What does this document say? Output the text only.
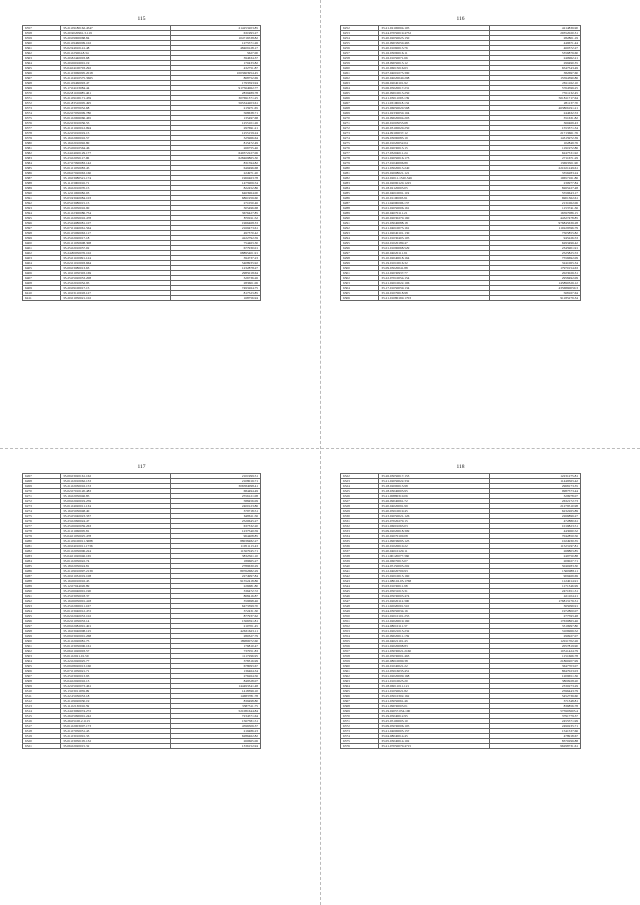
115
6357	35.21.09180162.4547	214253203.85
6358	35.20.9020961.3.119	631993.27
6359	35.20.09900068.84	104716538.82
6360	35.01.09460009.102	1275571.26
6361	35.02.94910141.48	48409128.17
6362	35.01.025004.8.34	5627.00
6363	35.20.82440003.68	394634.37
6364	35.20.06016001.19	170433.82
6365	35.04.04100703.292	432751.87
6366	35.21.03060095.2018	1003663954.45
6367	35.21.04010575.3665	868752.69
6368	35.01.09460093.47	1793593.94
6369	35.17.04103084.44	917564062.77
6370	35.02.81106085.461	2839489.78
6371	35.21.09100171.459	307691371.25
6372	35.01.83510005.495	565344203.61
6373	35.01.03970052.68	215971.65
6374	35.02.07050009.780	568638.71
6375	35.01.02006066.465	135497.68
6376	35.02.03010056.55	1255101.26
6377	35.21.01020012.994	297691.21
6378	35.22.05010019.15	1255159.24
6379	35.16.02000016.57	325966.64
6380	35.16.02010092.80	815472.49
6381	35.25.06010564.46	266755.46
6382	35.24.04020129.177	649372227.06
6383	35.23.02050117.96	628469865.30
6384	35.27.07090083.142	831594.82
6385	35.01.01050083.45	649496.68
6386	35.06.07020063.160	224971.20
6387	35.19.03080521.174	1960463.78
6388	35.11.03000016.71	1475906.54
6389	35.16.02010070.15	822452.86
6390	35.12.01000082.03	6463964.00
6391	35.03.93040084.103	6861956.60
6392	35.05.03080015.15	271050.46
6393	35.01.02050016.90	305496.68
6394	35.21.02300086.754	3676427.85
6395	35.01.02050016.478	870911.52
6396	35.25.04080081.107	1966468.33
6397	35.07.01040061.564	2169473.61
6398	35.01.05060063.117	497370.42
6399	35.25.02020017.18	4222792.59
6400	35.01.01030608.308	754463.30
6401	35.25.02010057.02	677930.01
6402	35.24.80050076.102	68895401.91
6403	35.25.01100091.124	394737.23
6404	35.02.01010003.664	5408935.92
6405	35.09.03080013.63	1232878.27
6406	35.10.01050303.169	2985018.64
6407	35.25.05020053.208	326736.26
6408	35.25.02010052.95	283601.06
6409	35.20.09100017.15	7493264.75
6410	35.10.03110018.127	817523.85
6411	35.20.01050021.102	168756.94
116
6252	35.21.02100004.105	4214836.90
6253	35.24.07050019.4752	29352020.31
6254	35.20.02050023.150	282801.19
6255	35.10.09033050.465	449671.44
6256	35.20.01060013.76	460372.27
6257	35.16.03090016.11	5356876.60
6258	35.16.01050071.66	240962.21
6259	35.18.09050013.12	299490.35
6260	35.10.06015016.63	6547543.49
6261	35.07.04001073.390	382697.60
6262	35.20.04020040.298	15594390.86
6263	35.06.02040101.92	2811162.10
6264	35.06.05020017.231	5764596.25
6265	35.20.09010013.250	7351132.45
6266	35.21.03011003.139	501811717.64
6267	35.11.03190018.132	281137.70
6268	35.25.06050020.568	463806191.21
6269	35.01.02330050.104	244632.53
6270	35.16.09020004.203	351631.82
6271	35.20.91003053.68	360469.43
6272	35.20.03100020.250	1553371.34
6273	35.24.09100037.12	21713661.76
6274	35.09.03090083.19	14315972.39
6275	35.20.01020052.04	102849.76
6276	35.20.02030013.15	1191972.86
6277	35.17.03204011.24	6247531.92
6278	35.01.02050016.173	2711671.29
6279	35.17.01040096.89	13693501.90
6280	35.21.03020013.240	221021249.61
6281	35.05.02008021.121	3356283.24
6282	35.22.02011.1520.346	19657161.86
6283	35.16.02090120.1225	230977.84
6284	35.18.02120003.05	8265227.48
6285	35.20.04010091.119	5559643.17
6286	35.10.01100093.91	6901362.61
6287	35.11.04000006.137	2131062.06
6288	35.01.02050006.161	1153741.36
6289	35.20.04070111.21	16597086.15
6290	35.20.02030270.160	44327478.85
6291	35.25.03040088.18	976845636.28
6292	35.21.04010073.161	110229596.79
6293	35.21.02040101.130	7505855.82
6294	35.01.01030403.105	945226.53
6295	35.02.01020189.47	6293496.42
6296	35.01.01090068.529	2345901.91
6297	35.20.04020111.91	2525825.53
6298	35.10.02040018.164	7556692.09
6299	35.19.01010016.32	3241065.34
6300	35.09.03020041.88	17970154.63
6301	35.12.02030937.77	2023026.31
6302	35.22.07010054.154	2958492.09
6303	35.21.02010022.106	145890326.12
6304	35.17.01050059.134	4356860050.3
6305	35.16.01070018.98	568167.64
6306	35.21.01080169.1703	91185279.34
117
6267	35.09.03020161.162	2101999.51
6268	35.01.02010062.133	2108016.71
6269	35.21.02030016.153	306584098.41
6270	35.02.07010120.483	684494.49
6271	35.16.02050046.85	2556121.08
6272	35.09.02020019.259	588456.09
6273	35.01.04020011.134	2400123.86
6274	35.16.05030048.40	379718.51
6275	35.25.05040023.337	648611.56
6276	35.23.02090024.47	2520645.27
6277	35.25.06020059.263	637332.20
6278	35.21.01060005.81	1237540.59
6279	35.04.01050025.478	964408.85
6280	35.21.09100011.3688	88038482.27
6281	35.20.04010011.1736	11051113.43
6282	35.01.02050006.224	11567045.71
6283	35.04.01020046.165	3832561.10
6284	35.01.02050022.74	189665.27
6285	35.18.02050024.81	2789630.29
6286	35.21.09010097.2139	89762682.29
6287	35.20.01032019.108	2274997.84
6288	35.16.06010016.45	91552418.86
6289	35.12.07044026.89	226681.80
6290	35.25.06040001.190	336472.72
6291	35.25.03050018.37	868416.87
6292	35.16.06050001.418	359698.46
6293	35.25.02000011.167	6473399.70
6294	35.01.03040012.472	372431.30
6295	35.02.02040053.102	877937.62
6296	35.02.01050033.14	1566591.81
6297	35.09.02082091.401	210701.45
6298	35.16.03040008.125	42631623.11
6299	35.09.03020001.268	280327.79
6300	35.21.02020081.75	18980072.60
6301	35.01.03050006.161	176810.47
6302	35.06.01020003.57	737051.83
6303	35.01.02021.01.59	1117296.95
6304	35.22.02020025.77	378316.99
6305	35.09.08020013.160	678093.67
6306	35.07.01050021.71	136464.34
6307	35.25.03020013.93	276264.56
6308	35.04.02020016.13	849528.07
6309	35.22.05020073.461	144493341.48
6310	35.13.03011059.99	1418396.10
6311	35.22.25030053.18	14683781.78
6312	35.21.09020030.19	839498.80
6313	35.11.02130016.59	3387311.75
6314	35.24.03060074.272	521081644.84
6315	35.26.05090001.242	7234571.64
6316	35.26.05100.2.1115	1567581.51
6317	35.01.02003007.173	4596506.37
6318	35.21.07050051.43	219486.23
6319	35.21.03010091.33	6286462.82
6320	35.01.03050105.132	260665.06
6321	35.06.02020015.32	1336152.94
118
6322	35.26.03050017.153	12231275.81
6323	35.21.02050022.332	11449563.42
6324	35.18.02000013.98	2968173.35
6325	35.18.03040003.95	9987573.44
6326	35.21.00880310.06	329978.07
6327	35.26.09040061.72	2632172.73
6328	35.20.04020091.99	21279510.98
6329	35.20.05010019.45	6232265.89
6330	35.23.02050021.126	2266896.27
6331	35.25.07020270.15	472880.61
6332	35.01.06001063.03	1019823.51
6333	35.09.02020018.309	443060.52
6334	35.10.02070100.08	7042850.56
6335	35.21.09036095.125	1024930.35
6336	35.10.01020010.22	11523197.81
6337	35.20.04010129.11	268803.85
6338	35.11.00120077.360	249750.88
6339	35.16.06070015.07	209027.71
6340	35.24.05150005.202	5040283.30
6341	35.12.04020700.93	1560988.11
6342	35.15.02010015.160	909469.69
6343	35.21.080.02.05.1768	1124014.91
6344	35.03.01030011.98	1171346.99
6345	35.25.05031013.31	2471651.31
6346	35.04.05030003.474	421104.21
6347	35.15.02020112.300	176813176.31
6348	35.11.02020001.510	365099.91
6349	35.24.03050034.16	1972800.07
6350	35.01.02010101.255	277593.48
6351	35.12.02020019.160	17630863.46
6352	35.24.08010111.37	3319997.80
6353	35.01.02021015.232	3106966.52
6354	35.10.09020011.159	290927.07
6355	35.16.04021101.43	12911702.26
6356	35.01.02020098.83	2057819.90
6357	35.21.03030021.2160	10511424.79
6358	35.10.05030001.463	1151666.78
6359	35.20.08010090.38	21860207.99
6360	35.16.01040021.22	3647703.07
6361	35.12.05016035.451	8647023.03
6362	35.01.02020009.168	1209651.36
6363	35.21.01010025.20	3800928.20
6364	35.18.06011011.121	2330273.29
6365	35.21.01050021.82	2596443.79
6366	35.25.03010302.162	5452736.60
6367	35.21.03050061.46	371348.81
6368	35.21.09030003.01	836856.78
6369	35.19.02057.054.190	575903603.4
6370	35.19.05040012.95	3791779.37
6371	35.25.05100003.10	2455571.99
6372	35.09.05030006.105	2490235.71
6373	35.21.04000005.157	1541537.66
6374	35.04.08040014.45	478918.67
6375	35.05.03040014.102	8370296.88
6376	35.21.07050070.4715	96298731.61
